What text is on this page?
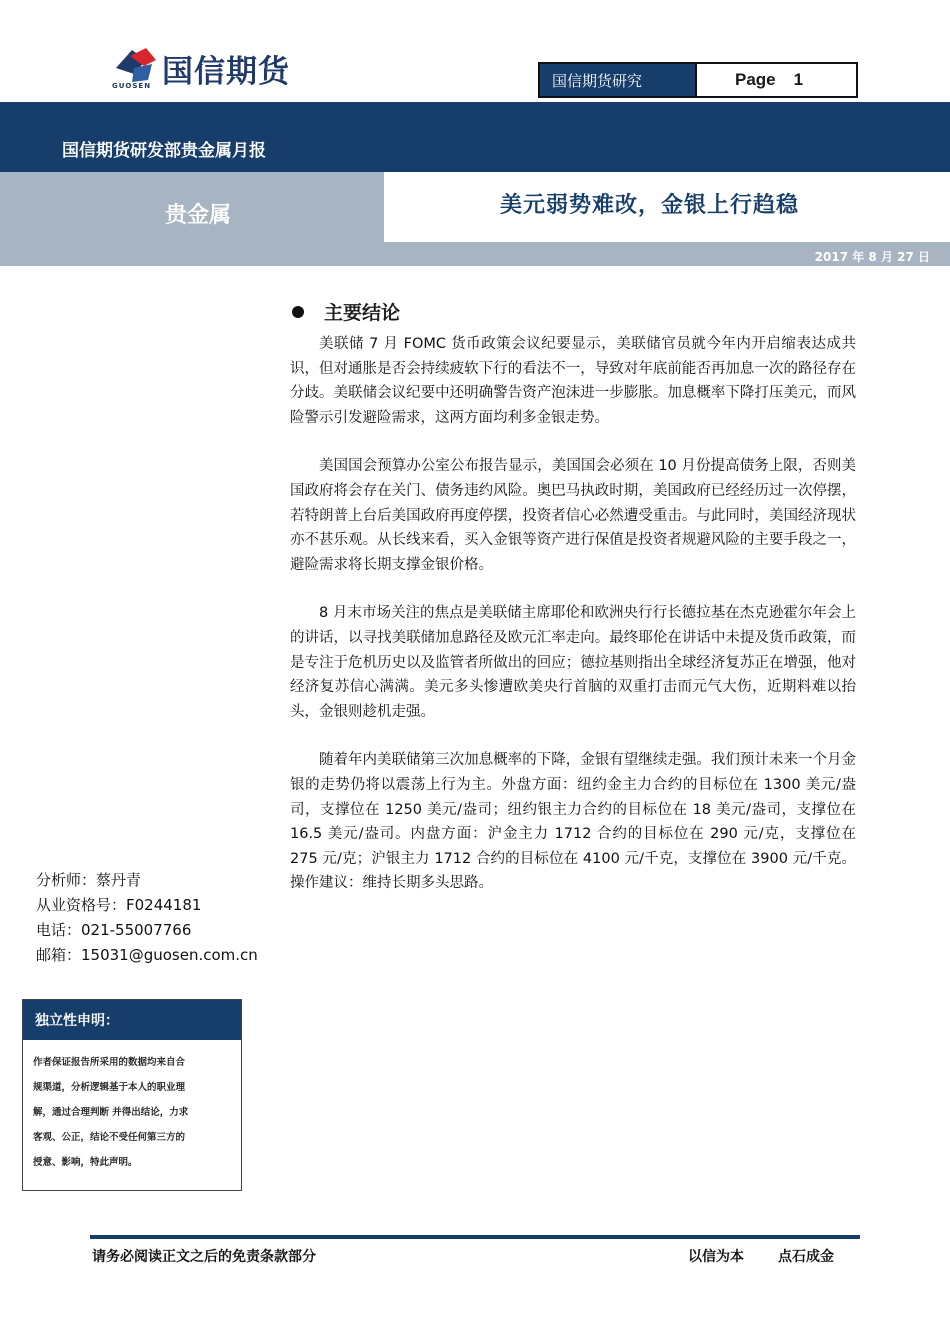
国信期货
GUOSEN	国信期货研究	Page 1
国信期货研发部贵金属月报
贵金属	美元弱势难改，金银上行趋稳
2017 年 8 月 27 日
主要结论

美联储 7 月 FOMC 货币政策会议纪要显示，美联储官员就今年内开启缩表达成共识，但对通胀是否会持续疲软下行的看法不一，导致对年底前能否再加息一次的路径存在分歧。美联储会议纪要中还明确警告资产泡沫进一步膨胀。加息概率下降打压美元，而风险警示引发避险需求，这两方面均利多金银走势。

美国国会预算办公室公布报告显示，美国国会必须在 10 月份提高债务上限，否则美国政府将会存在关门、债务违约风险。奥巴马执政时期，美国政府已经经历过一次停摆，若特朗普上台后美国政府再度停摆，投资者信心必然遭受重击。与此同时，美国经济现状亦不甚乐观。从长线来看，买入金银等资产进行保值是投资者规避风险的主要手段之一，避险需求将长期支撑金银价格。

8 月末市场关注的焦点是美联储主席耶伦和欧洲央行行长德拉基在杰克逊霍尔年会上的讲话，以寻找美联储加息路径及欧元汇率走向。最终耶伦在讲话中未提及货币政策，而是专注于危机历史以及监管者所做出的回应；德拉基则指出全球经济复苏正在增强，他对经济复苏信心满满。美元多头惨遭欧美央行首脑的双重打击而元气大伤，近期料难以抬头，金银则趁机走强。

随着年内美联储第三次加息概率的下降，金银有望继续走强。我们预计未来一个月金银的走势仍将以震荡上行为主。外盘方面：纽约金主力合约的目标位在 1300 美元/盎司，支撑位在 1250 美元/盎司；纽约银主力合约的目标位在 18 美元/盎司，支撑位在 16.5 美元/盎司。内盘方面：沪金主力 1712 合约的目标位在 290 元/克，支撑位在 275 元/克；沪银主力 1712 合约的目标位在 4100 元/千克，支撑位在 3900 元/千克。操作建议：维持长期多头思路。

分析师：蔡丹青
从业资格号：F0244181
电话：021-55007766
邮箱：15031@guosen.com.cn
独立性申明：
作者保证报告所采用的数据均来自合
规渠道，分析逻辑基于本人的职业理
解，通过合理判断 并得出结论，力求
客观、公正，结论不受任何第三方的
授意、影响，特此声明。
请务必阅读正文之后的免责条款部分	以信为本 点石成金
